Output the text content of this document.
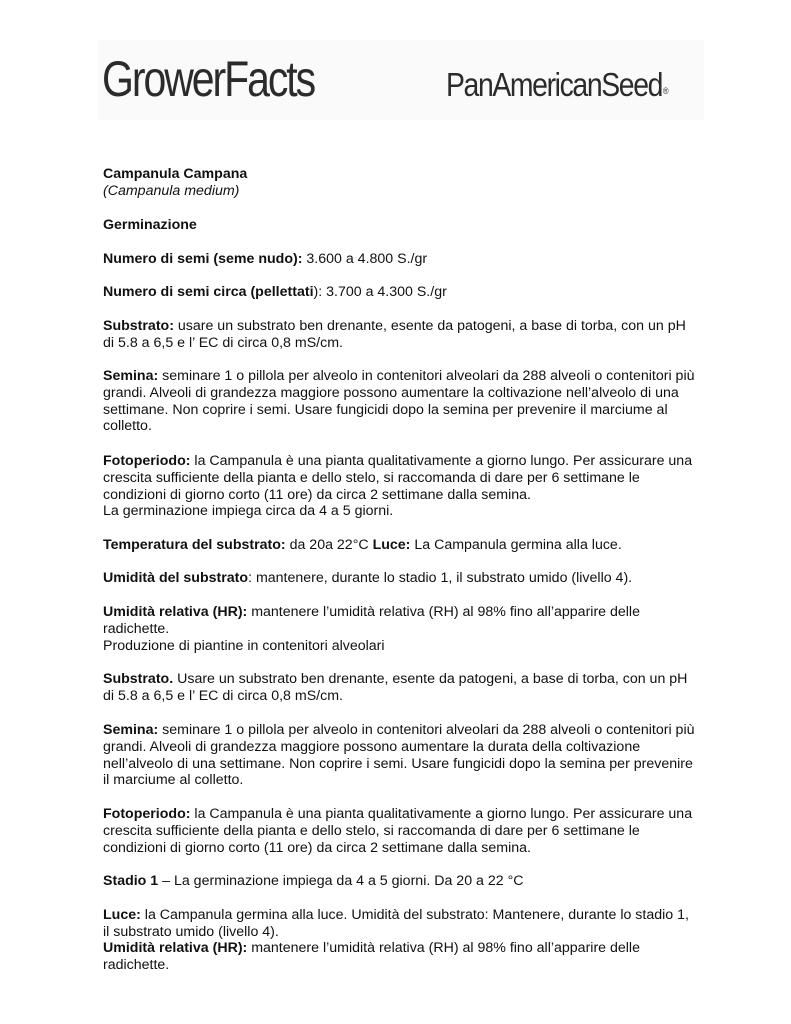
GrowerFacts	PanAmericanSeed®

Campanula Campana

(Campanula medium)

Germinazione

Numero di semi (seme nudo): 3.600 a 4.800 S./gr

Numero di semi circa (pellettati): 3.700 a 4.300 S./gr

Substrato: usare un substrato ben drenante, esente da patogeni, a base di torba, con un pH di 5.8 a 6,5 e l’ EC di circa 0,8 mS/cm.

Semina: seminare 1 o pillola per alveolo in contenitori alveolari da 288 alveoli o contenitori più grandi. Alveoli di grandezza maggiore possono aumentare la coltivazione nell’alveolo di una settimane. Non coprire i semi. Usare fungicidi dopo la semina per prevenire il marciume al colletto.

Fotoperiodo: la Campanula è una pianta qualitativamente a giorno lungo. Per assicurare una crescita sufficiente della pianta e dello stelo, si raccomanda di dare per 6 settimane le condizioni di giorno corto (11 ore) da circa 2 settimane dalla semina.
La germinazione impiega circa da 4 a 5 giorni.

Temperatura del substrato: da 20a 22°C Luce: La Campanula germina alla luce.

Umidità del substrato: mantenere, durante lo stadio 1, il substrato umido (livello 4).

Umidità relativa (HR): mantenere l’umidità relativa (RH) al 98% fino all’apparire delle radichette.
Produzione di piantine in contenitori alveolari

Substrato. Usare un substrato ben drenante, esente da patogeni, a base di torba, con un pH di 5.8 a 6,5 e l’ EC di circa 0,8 mS/cm.

Semina: seminare 1 o pillola per alveolo in contenitori alveolari da 288 alveoli o contenitori più grandi. Alveoli di grandezza maggiore possono aumentare la durata della coltivazione nell’alveolo di una settimane. Non coprire i semi. Usare fungicidi dopo la semina per prevenire il marciume al colletto.

Fotoperiodo: la Campanula è una pianta qualitativamente a giorno lungo. Per assicurare una crescita sufficiente della pianta e dello stelo, si raccomanda di dare per 6 settimane le condizioni di giorno corto (11 ore) da circa 2 settimane dalla semina.

Stadio 1 – La germinazione impiega da 4 a 5 giorni. Da 20 a 22 °C

Luce: la Campanula germina alla luce. Umidità del substrato: Mantenere, durante lo stadio 1, il substrato umido (livello 4).

Umidità relativa (HR): mantenere l’umidità relativa (RH) al 98% fino all’apparire delle radichette.
